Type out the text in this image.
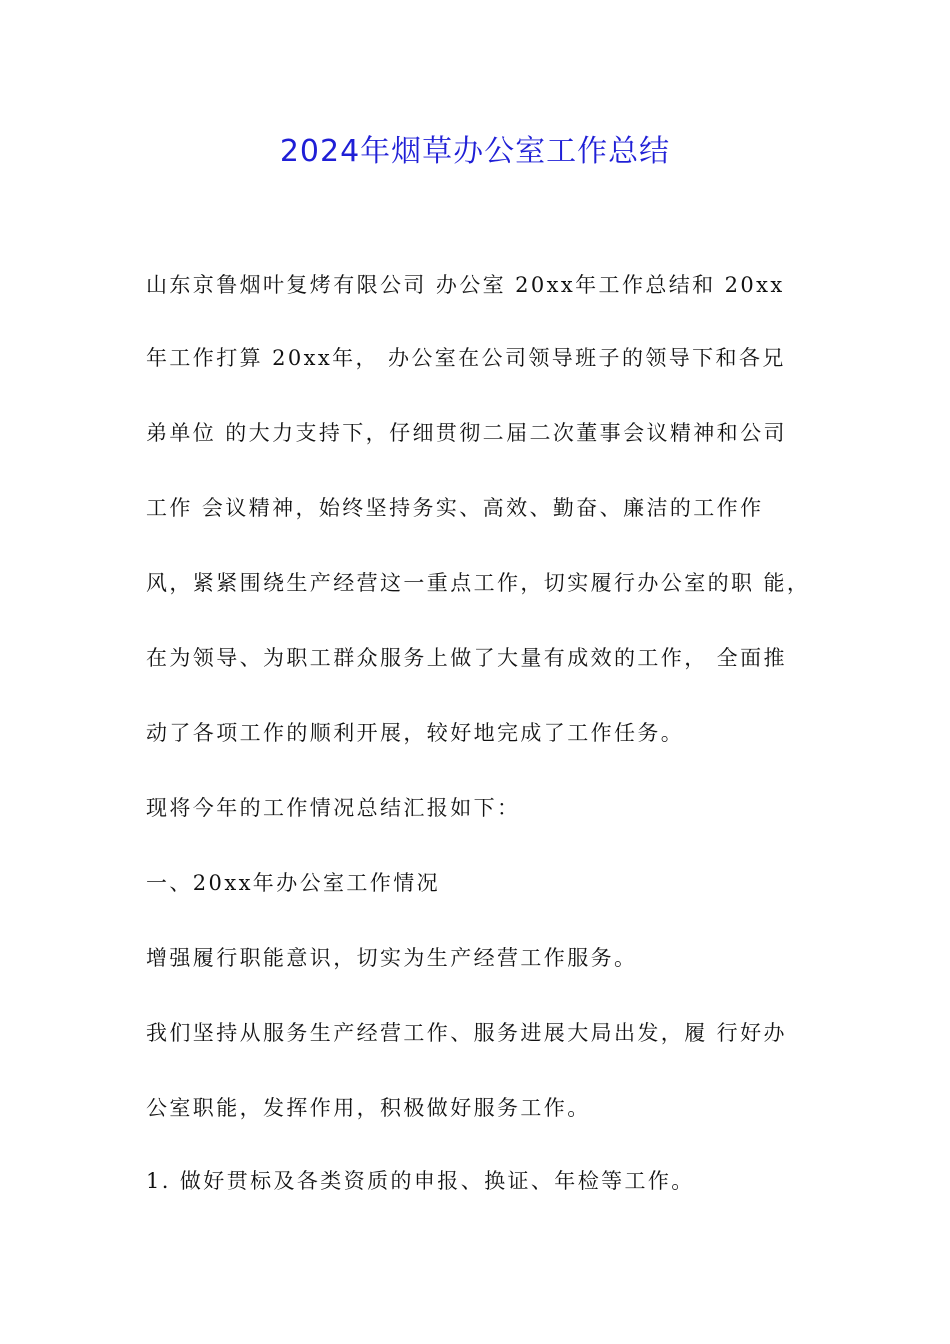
2024年烟草办公室工作总结
山东京鲁烟叶复烤有限公司 办公室 20xx年工作总结和 20xx
年工作打算 20xx年， 办公室在公司领导班子的领导下和各兄
弟单位 的大力支持下，仔细贯彻二届二次董事会议精神和公司
工作 会议精神，始终坚持务实、高效、勤奋、廉洁的工作作
风，紧紧围绕生产经营这一重点工作，切实履行办公室的职 能，
在为领导、为职工群众服务上做了大量有成效的工作， 全面推
动了各项工作的顺利开展，较好地完成了工作任务。
现将今年的工作情况总结汇报如下：
一、20xx年办公室工作情况
增强履行职能意识，切实为生产经营工作服务。
我们坚持从服务生产经营工作、服务进展大局出发，履 行好办
公室职能，发挥作用，积极做好服务工作。
1. 做好贯标及各类资质的申报、换证、年检等工作。
